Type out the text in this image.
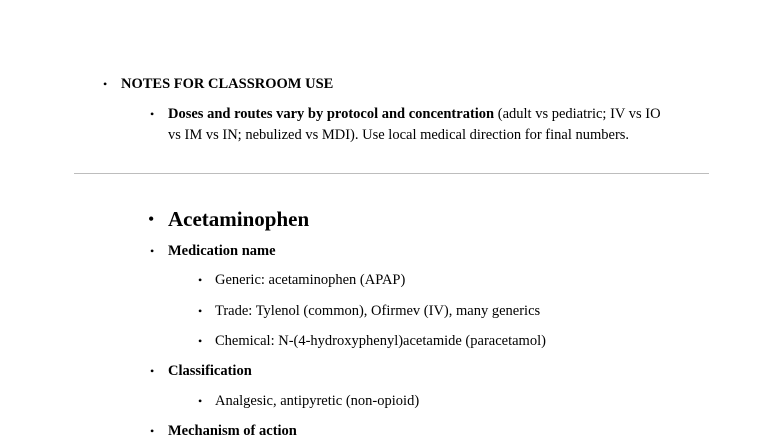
• NOTES FOR CLASSROOM USE
• Doses and routes vary by protocol and concentration (adult vs pediatric; IV vs IO
vs IM vs IN; nebulized vs MDI). Use local medical direction for final numbers.
• Acetaminophen
• Medication name
• Generic: acetaminophen (APAP)
• Trade: Tylenol (common), Ofirmev (IV), many generics
• Chemical: N-(4-hydroxyphenyl)acetamide (paracetamol)
• Classification
• Analgesic, antipyretic (non-opioid)
• Mechanism of action
